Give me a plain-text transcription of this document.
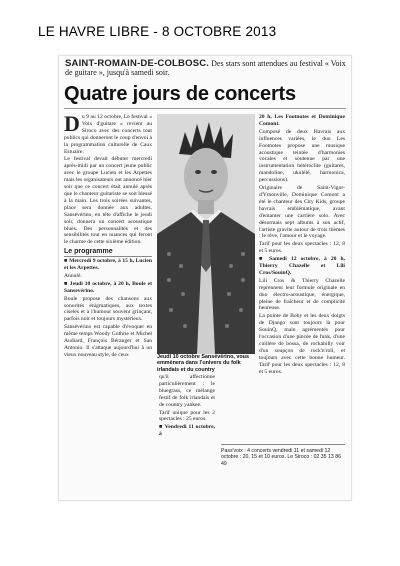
LE HAVRE LIBRE - 8 OCTOBRE 2013
SAINT-ROMAIN-DE-COLBOSC. Des stars sont attendues au festival « Voix de guitare », jusqu'à samedi soir.
Quatre jours de concerts

D u 9 au 12 octobre, Le festival « Voix d'guitare » revient au Siroco avec des concerts tout publics qui donneront le coup d'envoi à la programmation culturelle de Caux Estuaire.

Le festival devait débuter mercredi après-midi par un concert jeune public avec le groupe Lucien et les Arpettes mais les organisateurs ont annoncé hier soir que ce concert était annulé après que le chanteur guitariste se soit blessé à la main. Les trois soirées suivantes, place sera donnée aux adultes. Sansévérino, en tête d'affiche le jeudi soir, donnera un concert acoustique blues. Des personnalités et des sensibilités tout en nuances qui feront le charme de cette sixième édition.

Le programme

■ Mercredi 9 octobre, à 15 h, Lucien et les Arpettes.

Annulé.

■ Jeudi 10 octobre, à 20 h, Boule et Sansevérino.

Boule propose des chansons aux sonorités énigmatiques, aux textes ciselés et à l'humour souvent grinçant, parfois noir et toujours mystérieux.

Sansévérino est capable d'évoquer en même temps Woody Guthrie et Michel Audiard, François Béranger et San Antonio. Il s'attaque aujourd'hui à un vieux nouveau style, de ceux	Jeudi 10 octobre Sansévérino, vous emmènera dans l'univers du folk irlandais et du country

qu'il affectionne particulièrement : le bluegrass, ce mélange festif de folk irlandais et de country yankee.

Tarif unique pour les 2 spectacles : 25 euros.

■ Vendredi 11 octobre, à

20 h, Les Footnotes et Dominique Comont.

Composé de deux Havrais aux influences variées, le duo Les Footnotes propose une musique acoustique teintée d'harmonies vocales et soutenue par une instrumentation hétéroclite (guitares, mandoline, ukulélé, harmonica, percussions).

Originaire de Saint-Vigor-d'Ymonville, Dominique Comont a été le chanteur des City Kids, groupe havrais emblématique, avant d'entamer une carrière solo. Avec désormais sept albums à son actif, l'artiste gravite autour de trois thèmes : le rêve, l'amour et le voyage.

Tarif pour les deux spectacles : 12, 8 et 5 euros.

■ Samedi 12 octobre, à 20 h, Thierry Chazelle et Lili Cros/SouinQ.

Lili Cros & Thierry Chazelle reprennent leur formule originale en duo électro-acoustique, énergique, pleine de fraîcheur et de complicité heureuse.

La pointe de Boby et les deux doigts de Django sont toujours là pour SouinQ, main agrémentés pour l'occasion d'une pincée de funk, d'une cuillère de bossa, de rockabilly voir d'un soupçon de rock'n'roll, et toujours avec cette bonne humeur. Tarif pour les deux spectacles : 12, 8 et 5 euros.

Pass'voix : 4 concerts vendredi 11 et samedi 12 octobre : 20, 15 et 10 euros. Le Siroco : 02 35 13 86 49
